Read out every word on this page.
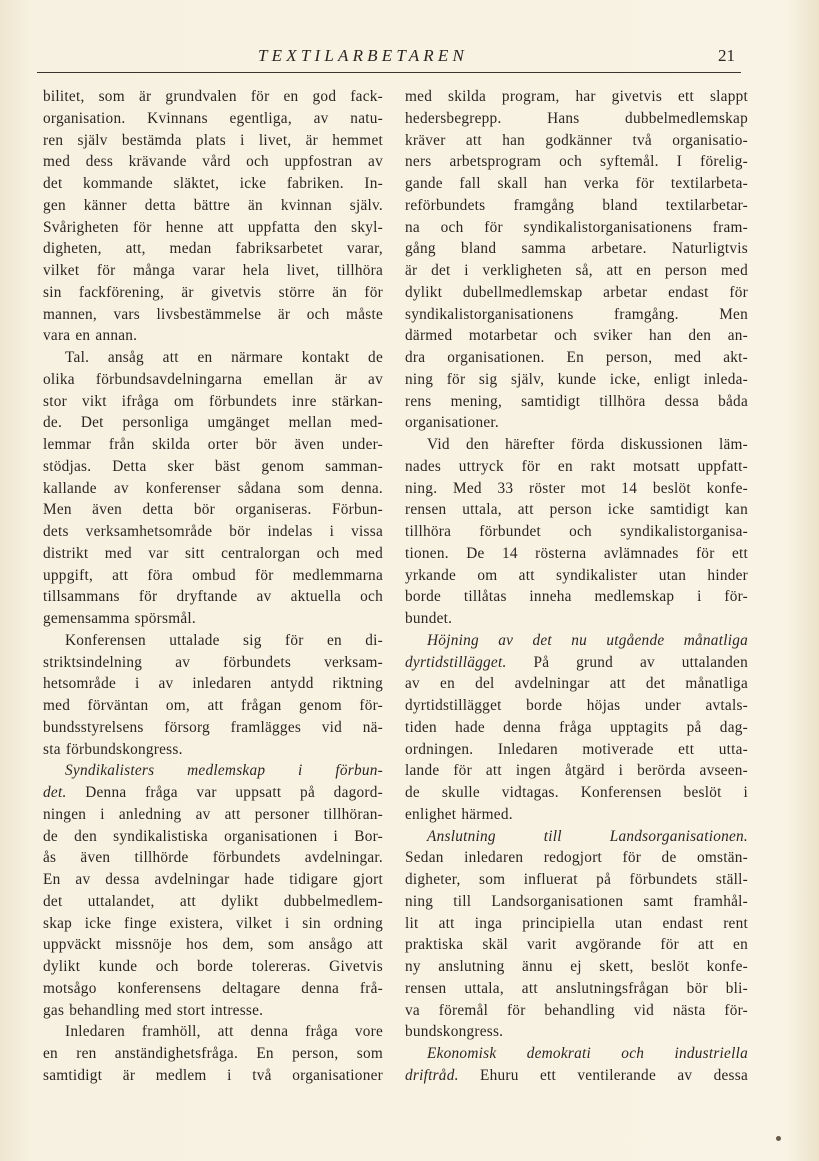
TEXTILARBETAREN	21
bilitet, som är grundvalen för en god fack-
organisation. Kvinnans egentliga, av natu-
ren själv bestämda plats i livet, är hemmet
med dess krävande vård och uppfostran av
det kommande släktet, icke fabriken. In-
gen känner detta bättre än kvinnan själv.
Svårigheten för henne att uppfatta den skyl-
digheten, att, medan fabriksarbetet varar,
vilket för många varar hela livet, tillhöra
sin fackförening, är givetvis större än för
mannen, vars livsbestämmelse är och måste
vara en annan.
Tal. ansåg att en närmare kontakt de
olika förbundsavdelningarna emellan är av
stor vikt ifråga om förbundets inre stärkan-
de. Det personliga umgänget mellan med-
lemmar från skilda orter bör även under-
stödjas. Detta sker bäst genom samman-
kallande av konferenser sådana som denna.
Men även detta bör organiseras. Förbun-
dets verksamhetsområde bör indelas i vissa
distrikt med var sitt centralorgan och med
uppgift, att föra ombud för medlemmarna
tillsammans för dryftande av aktuella och
gemensamma spörsmål.
Konferensen uttalade sig för en di-
striktsindelning av förbundets verksam-
hetsområde i av inledaren antydd riktning
med förväntan om, att frågan genom för-
bundsstyrelsens försorg framlägges vid nä-
sta förbundskongress.
Syndikalisters medlemskap i förbun-
det. Denna fråga var uppsatt på dagord-
ningen i anledning av att personer tillhöran-
de den syndikalistiska organisationen i Bor-
ås även tillhörde förbundets avdelningar.
En av dessa avdelningar hade tidigare gjort
det uttalandet, att dylikt dubbelmedlem-
skap icke finge existera, vilket i sin ordning
uppväckt missnöje hos dem, som ansågo att
dylikt kunde och borde tolereras. Givetvis
motsågo konferensens deltagare denna frå-
gas behandling med stort intresse.
Inledaren framhöll, att denna fråga vore
en ren anständighetsfråga. En person, som
samtidigt är medlem i två organisationer
med skilda program, har givetvis ett slappt
hedersbegrepp. Hans dubbelmedlemskap
kräver att han godkänner två organisatio-
ners arbetsprogram och syftemål. I förelig-
gande fall skall han verka för textilarbeta-
reförbundets framgång bland textilarbetar-
na och för syndikalistorganisationens fram-
gång bland samma arbetare. Naturligtvis
är det i verkligheten så, att en person med
dylikt dubellmedlemskap arbetar endast för
syndikalistorganisationens framgång. Men
därmed motarbetar och sviker han den an-
dra organisationen. En person, med akt-
ning för sig själv, kunde icke, enligt inleda-
rens mening, samtidigt tillhöra dessa båda
organisationer.
Vid den härefter förda diskussionen läm-
nades uttryck för en rakt motsatt uppfatt-
ning. Med 33 röster mot 14 beslöt konfe-
rensen uttala, att person icke samtidigt kan
tillhöra förbundet och syndikalistorganisa-
tionen. De 14 rösterna avlämnades för ett
yrkande om att syndikalister utan hinder
borde tillåtas inneha medlemskap i för-
bundet.
Höjning av det nu utgående månatliga
dyrtidstillägget. På grund av uttalanden
av en del avdelningar att det månatliga
dyrtidstillägget borde höjas under avtals-
tiden hade denna fråga upptagits på dag-
ordningen. Inledaren motiverade ett utta-
lande för att ingen åtgärd i berörda avseen-
de skulle vidtagas. Konferensen beslöt i
enlighet härmed.
Anslutning till Landsorganisationen.
Sedan inledaren redogjort för de omstän-
digheter, som influerat på förbundets ställ-
ning till Landsorganisationen samt framhål-
lit att inga principiella utan endast rent
praktiska skäl varit avgörande för att en
ny anslutning ännu ej skett, beslöt konfe-
rensen uttala, att anslutningsfrågan bör bli-
va föremål för behandling vid nästa för-
bundskongress.
Ekonomisk demokrati och industriella
driftråd. Ehuru ett ventilerande av dessa
